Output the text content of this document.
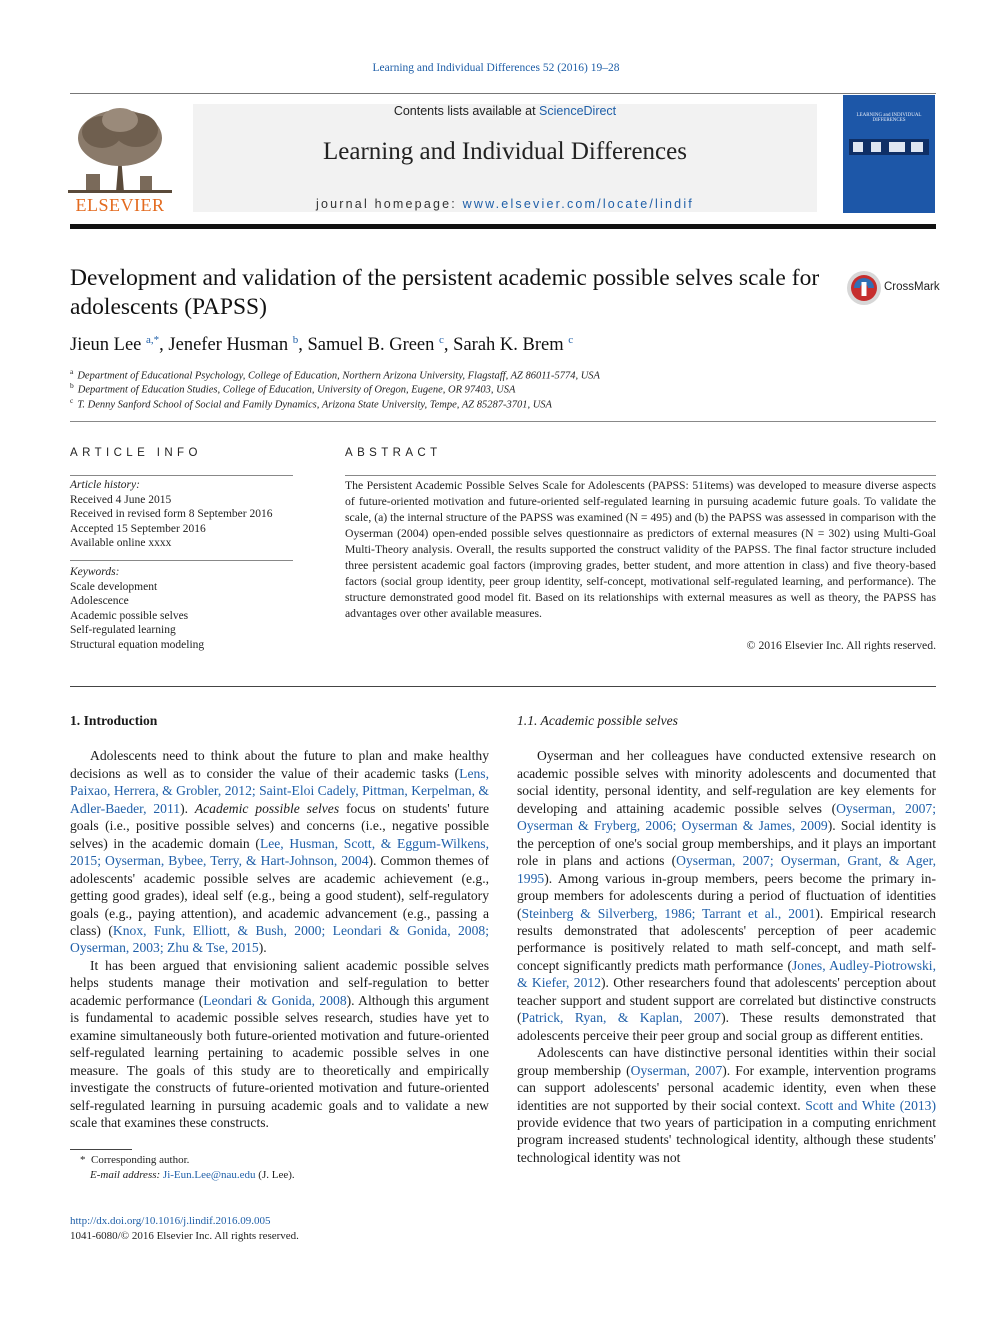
Learning and Individual Differences 52 (2016) 19–28
ELSEVIER
Contents lists available at ScienceDirect
Learning and Individual Differences
journal homepage: www.elsevier.com/locate/lindif
LEARNING and INDIVIDUAL DIFFERENCES
Development and validation of the persistent academic possible selves scale for adolescents (PAPSS)
CrossMark
Jieun Lee $^{a,*}$, Jenefer Husman $^b$, Samuel B. Green $^c$, Sarah K. Brem $^c$
$^a$ Department of Educational Psychology, College of Education, Northern Arizona University, Flagstaff, AZ 86011-5774, USA
$^b$ Department of Education Studies, College of Education, University of Oregon, Eugene, OR 97403, USA
$^c$ T. Denny Sanford School of Social and Family Dynamics, Arizona State University, Tempe, AZ 85287-3701, USA
ARTICLE INFO
Article history:
Received 4 June 2015
Received in revised form 8 September 2016
Accepted 15 September 2016
Available online xxxx
Keywords:
Scale development
Adolescence
Academic possible selves
Self-regulated learning
Structural equation modeling
ABSTRACT
The Persistent Academic Possible Selves Scale for Adolescents (PAPSS: 51items) was developed to measure diverse aspects of future-oriented motivation and future-oriented self-regulated learning in pursuing academic future goals. To validate the scale, (a) the internal structure of the PAPSS was examined (N = 495) and (b) the PAPSS was assessed in comparison with the Oyserman (2004) open-ended possible selves questionnaire as predictors of external measures (N = 302) using Multi-Goal Multi-Theory analysis. Overall, the results supported the construct validity of the PAPSS. The final factor structure included three persistent academic goal factors (improving grades, better student, and more attention in class) and five theory-based factors (social group identity, peer group identity, self-concept, motivational self-regulated learning, and performance). The structure demonstrated good model fit. Based on its relationships with external measures as well as theory, the PAPSS has advantages over other available measures.
© 2016 Elsevier Inc. All rights reserved.
1. Introduction

Adolescents need to think about the future to plan and make healthy decisions as well as to consider the value of their academic tasks (Lens, Paixao, Herrera, & Grobler, 2012; Saint-Eloi Cadely, Pittman, Kerpelman, & Adler-Baeder, 2011). Academic possible selves focus on students' future goals (i.e., positive possible selves) and concerns (i.e., negative possible selves) in the academic domain (Lee, Husman, Scott, & Eggum-Wilkens, 2015; Oyserman, Bybee, Terry, & Hart-Johnson, 2004). Common themes of adolescents' academic possible selves are academic achievement (e.g., getting good grades), ideal self (e.g., being a good student), self-regulatory goals (e.g., paying attention), and academic advancement (e.g., passing a class) (Knox, Funk, Elliott, & Bush, 2000; Leondari & Gonida, 2008; Oyserman, 2003; Zhu & Tse, 2015).

It has been argued that envisioning salient academic possible selves helps students manage their motivation and self-regulation to better academic performance (Leondari & Gonida, 2008). Although this argument is fundamental to academic possible selves research, studies have yet to examine simultaneously both future-oriented motivation and future-oriented self-regulated learning pertaining to academic possible selves in one measure. The goals of this study are to theoretically and empirically investigate the constructs of future-oriented motivation and future-oriented self-regulated learning in pursuing academic goals and to validate a new scale that examines these constructs.

* Corresponding author.
E-mail address: Ji-Eun.Lee@nau.edu (J. Lee).
http://dx.doi.org/10.1016/j.lindif.2016.09.005
1041-6080/© 2016 Elsevier Inc. All rights reserved.
1.1. Academic possible selves

Oyserman and her colleagues have conducted extensive research on academic possible selves with minority adolescents and documented that social identity, personal identity, and self-regulation are key elements for developing and attaining academic possible selves (Oyserman, 2007; Oyserman & Fryberg, 2006; Oyserman & James, 2009). Social identity is the perception of one's social group memberships, and it plays an important role in plans and actions (Oyserman, 2007; Oyserman, Grant, & Ager, 1995). Among various in-group members, peers become the primary in-group members for adolescents during a period of fluctuation of identities (Steinberg & Silverberg, 1986; Tarrant et al., 2001). Empirical research results demonstrated that adolescents' perception of peer academic performance is positively related to math self-concept, and math self-concept significantly predicts math performance (Jones, Audley-Piotrowski, & Kiefer, 2012). Other researchers found that adolescents' perception about teacher support and student support are correlated but distinctive constructs (Patrick, Ryan, & Kaplan, 2007). These results demonstrated that adolescents perceive their peer group and social group as different entities.

Adolescents can have distinctive personal identities within their social group membership (Oyserman, 2007). For example, intervention programs can support adolescents' personal academic identity, even when these identities are not supported by their social context. Scott and White (2013) provide evidence that two years of participation in a computing enrichment program increased students' technological identity, although these students' technological identity was not
